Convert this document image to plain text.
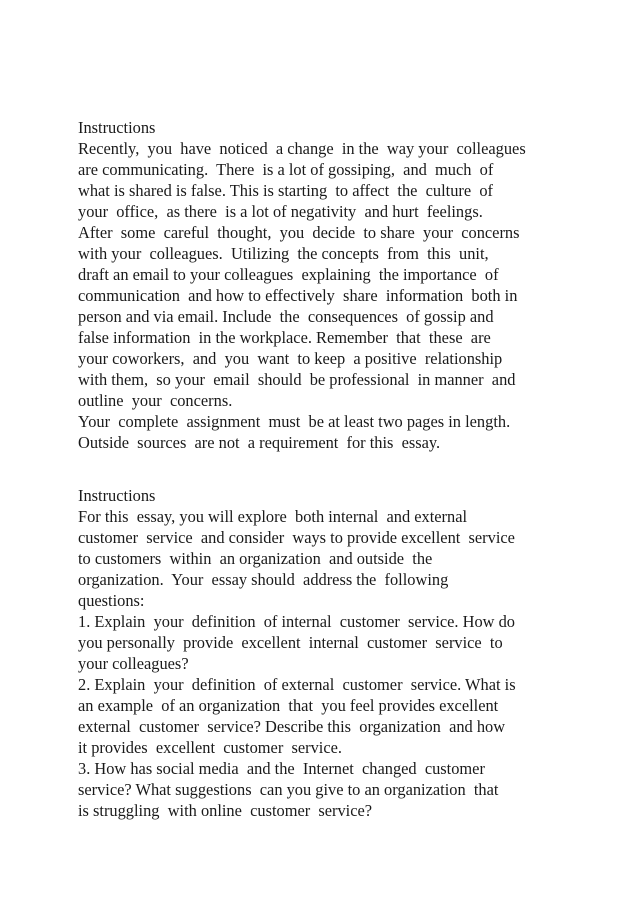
Instructions

Recently,  you  have  noticed  a change  in the  way your  colleagues

are communicating.  There  is a lot of gossiping,  and  much  of

what is shared is false. This is starting  to affect  the  culture  of

your  office,  as there  is a lot of negativity  and hurt  feelings.

After  some  careful  thought,  you  decide  to share  your  concerns

with your  colleagues.  Utilizing  the concepts  from  this  unit,

draft an email to your colleagues  explaining  the importance  of

communication  and how to effectively  share  information  both in

person and via email. Include  the  consequences  of gossip and

false information  in the workplace. Remember  that  these  are

your coworkers,  and  you  want  to keep  a positive  relationship

with them,  so your  email  should  be professional  in manner  and

outline  your  concerns.

Your  complete  assignment  must  be at least two pages in length.

Outside  sources  are not  a requirement  for this  essay.

Instructions

For this  essay, you will explore  both internal  and external

customer  service  and consider  ways to provide excellent  service

to customers  within  an organization  and outside  the

organization.  Your  essay should  address the  following

questions:

1. Explain  your  definition  of internal  customer  service. How do

you personally  provide  excellent  internal  customer  service  to

your colleagues?

2. Explain  your  definition  of external  customer  service. What is

an example  of an organization  that  you feel provides excellent

external  customer  service? Describe this  organization  and how

it provides  excellent  customer  service.

3. How has social media  and the  Internet  changed  customer

service? What suggestions  can you give to an organization  that

is struggling  with online  customer  service?
